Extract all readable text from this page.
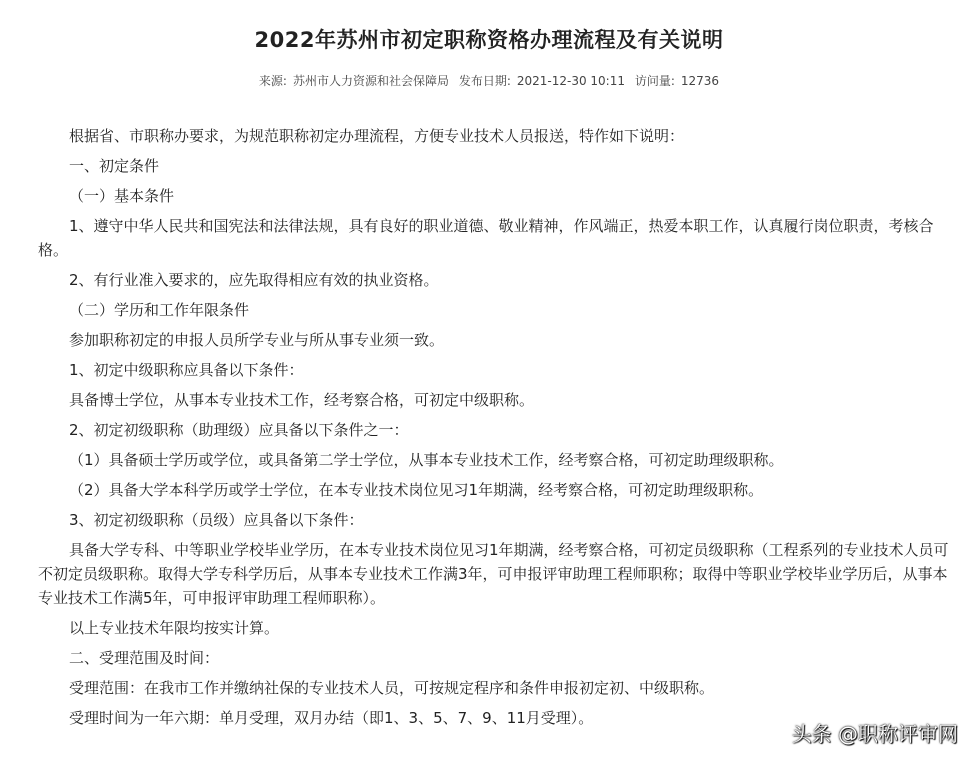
2022年苏州市初定职称资格办理流程及有关说明
来源: 苏州市人力资源和社会保障局 发布日期: 2021-12-30 10:11 访问量: 12736

根据省、市职称办要求，为规范职称初定办理流程，方便专业技术人员报送，特作如下说明：

一、初定条件

（一）基本条件

1、遵守中华人民共和国宪法和法律法规，具有良好的职业道德、敬业精神，作风端正，热爱本职工作，认真履行岗位职责，考核合格。

2、有行业准入要求的，应先取得相应有效的执业资格。

（二）学历和工作年限条件

参加职称初定的申报人员所学专业与所从事专业须一致。

1、初定中级职称应具备以下条件：

具备博士学位，从事本专业技术工作，经考察合格，可初定中级职称。

2、初定初级职称（助理级）应具备以下条件之一：

（1）具备硕士学历或学位，或具备第二学士学位，从事本专业技术工作，经考察合格，可初定助理级职称。

（2）具备大学本科学历或学士学位，在本专业技术岗位见习1年期满，经考察合格，可初定助理级职称。

3、初定初级职称（员级）应具备以下条件：

具备大学专科、中等职业学校毕业学历，在本专业技术岗位见习1年期满，经考察合格，可初定员级职称（工程系列的专业技术人员可不初定员级职称。取得大学专科学历后，从事本专业技术工作满3年，可申报评审助理工程师职称；取得中等职业学校毕业学历后，从事本专业技术工作满5年，可申报评审助理工程师职称）。

以上专业技术年限均按实计算。

二、受理范围及时间：

受理范围：在我市工作并缴纳社保的专业技术人员，可按规定程序和条件申报初定初、中级职称。

受理时间为一年六期：单月受理，双月办结（即1、3、5、7、9、11月受理）。

头条 @职称评审网
